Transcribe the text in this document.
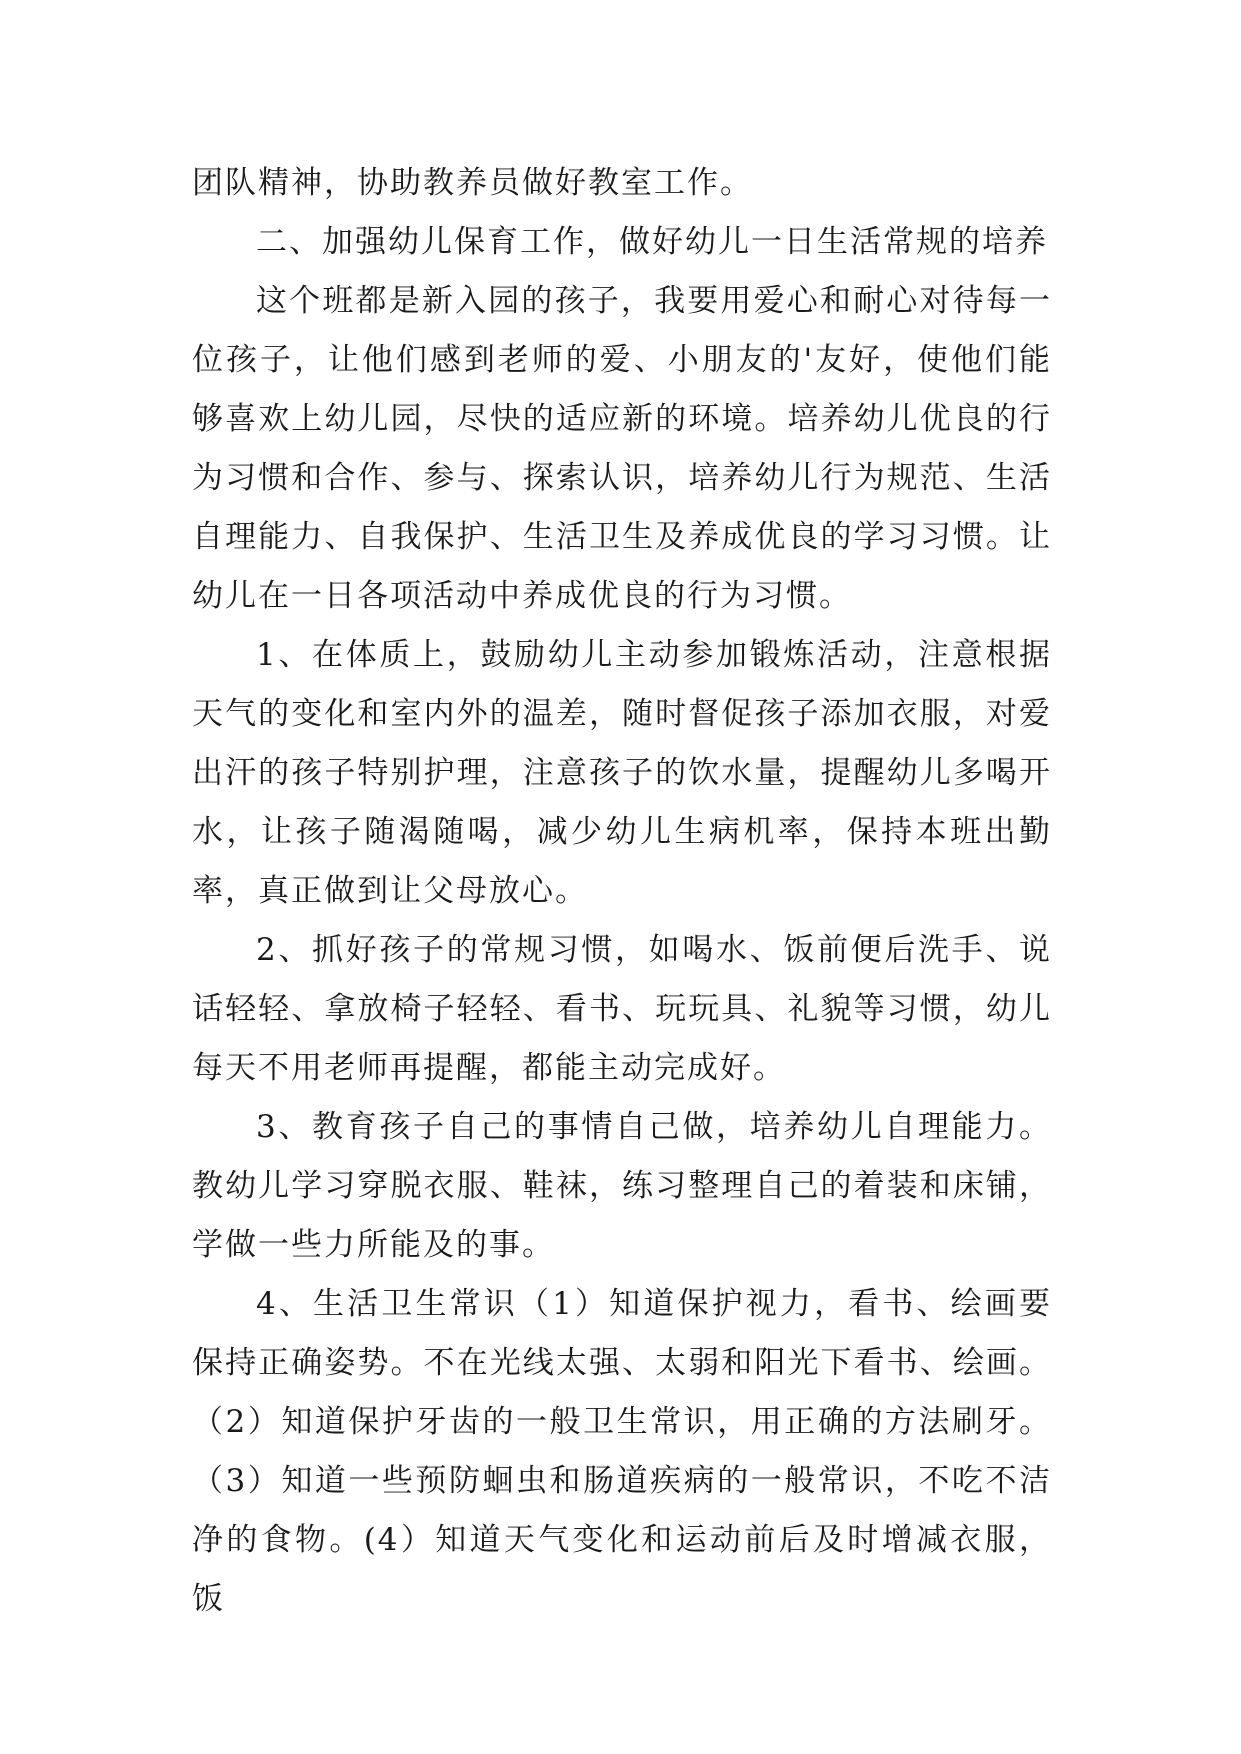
团队精神，协助教养员做好教室工作。

二、加强幼儿保育工作，做好幼儿一日生活常规的培养

这个班都是新入园的孩子，我要用爱心和耐心对待每一位孩子，让他们感到老师的爱、小朋友的'友好，使他们能够喜欢上幼儿园，尽快的适应新的环境。培养幼儿优良的行为习惯和合作、参与、探索认识，培养幼儿行为规范、生活自理能力、自我保护、生活卫生及养成优良的学习习惯。让幼儿在一日各项活动中养成优良的行为习惯。

1、在体质上，鼓励幼儿主动参加锻炼活动，注意根据天气的变化和室内外的温差，随时督促孩子添加衣服，对爱出汗的孩子特别护理，注意孩子的饮水量，提醒幼儿多喝开水，让孩子随渴随喝，减少幼儿生病机率，保持本班出勤率，真正做到让父母放心。

2、抓好孩子的常规习惯，如喝水、饭前便后洗手、说话轻轻、拿放椅子轻轻、看书、玩玩具、礼貌等习惯，幼儿每天不用老师再提醒，都能主动完成好。

3、教育孩子自己的事情自己做，培养幼儿自理能力。教幼儿学习穿脱衣服、鞋袜，练习整理自己的着装和床铺，学做一些力所能及的事。

4、生活卫生常识（1）知道保护视力，看书、绘画要保持正确姿势。不在光线太强、太弱和阳光下看书、绘画。（2）知道保护牙齿的一般卫生常识，用正确的方法刷牙。（3）知道一些预防蛔虫和肠道疾病的一般常识，不吃不洁净的食物。(4）知道天气变化和运动前后及时增减衣服，饭
